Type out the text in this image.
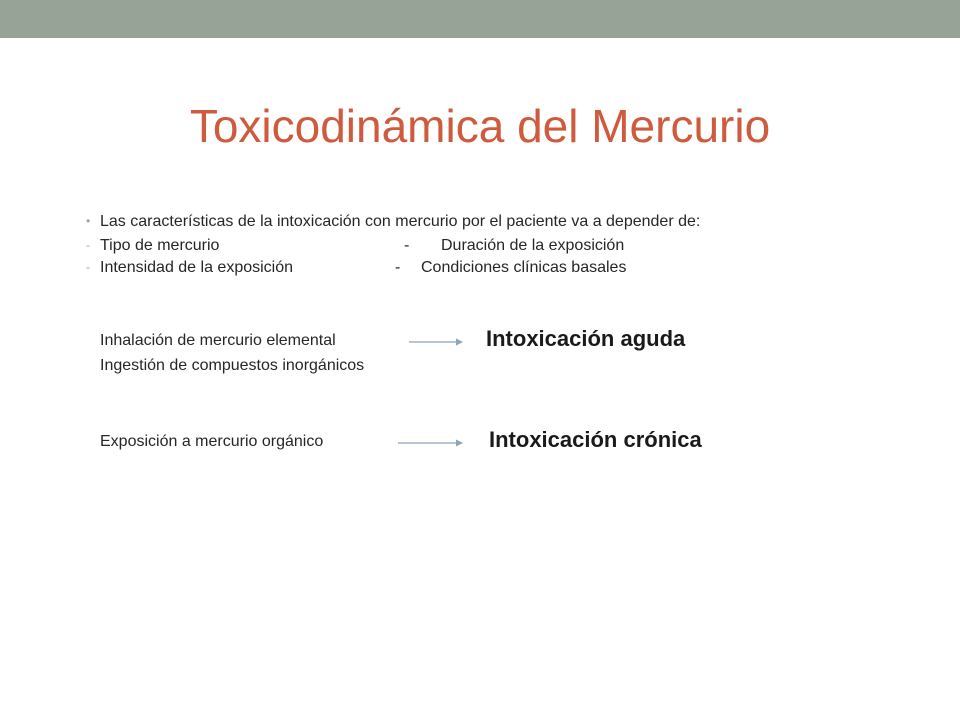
Toxicodinámica del Mercurio
• Las características de la intoxicación con mercurio por el paciente va a depender de:
- Tipo de mercurio	- Duración de la exposición
- Intensidad de la exposición	- Condiciones clínicas basales
Inhalación de mercurio elemental	Intoxicación aguda
Ingestión de compuestos inorgánicos
Exposición a mercurio orgánico	Intoxicación crónica
